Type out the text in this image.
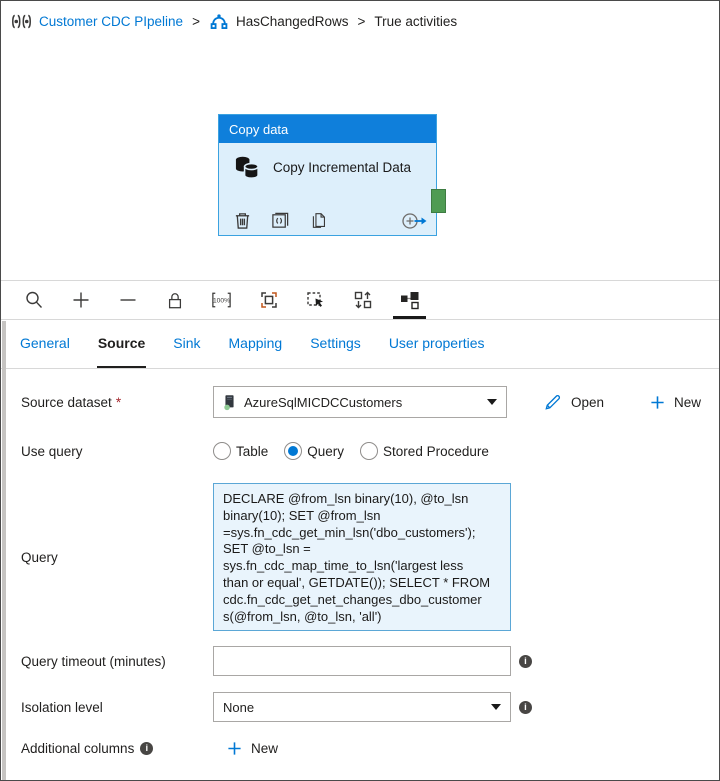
Customer CDC PIpeline >	HasChangedRows > True activities
Copy data
Copy Incremental Data
100%
General Source Sink Mapping Settings User properties
Source dataset *	AzureSqlMICDCCustomers	Open	New
Use query	Table	Query	Stored Procedure
Query
DECLARE @from_lsn binary(10), @to_lsn
binary(10); SET @from_lsn
=sys.fn_cdc_get_min_lsn('dbo_customers');
SET @to_lsn =
sys.fn_cdc_map_time_to_lsn('largest less
than or equal', GETDATE()); SELECT * FROM
cdc.fn_cdc_get_net_changes_dbo_customer
s(@from_lsn, @to_lsn, 'all')
Query timeout (minutes)	i
Isolation level	None	i
Additional columns	i	New
